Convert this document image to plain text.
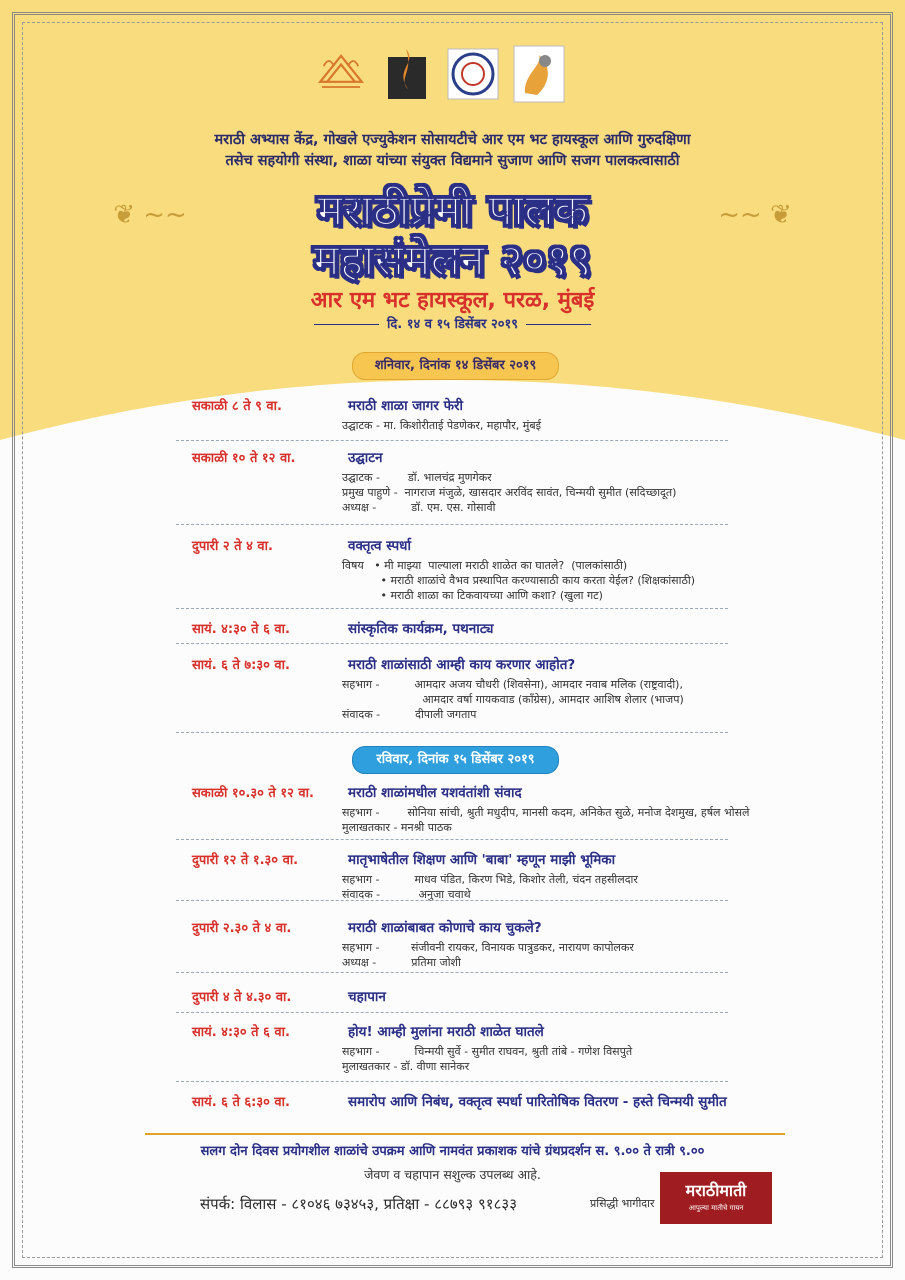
मराठी अभ्यास केंद्र, गोखले एज्युकेशन सोसायटीचे आर एम भट हायस्कूल आणि गुरुदक्षिणा
तसेच सहयोगी संस्था, शाळा यांच्या संयुक्त विद्यमाने सुजाण आणि सजग पालकत्वासाठी
❦ ~~	~~ ❦
मराठीप्रेमी पालक
महासंमेलन २०१९
आर एम भट हायस्कूल, परळ, मुंबई
दि. १४ व १५ डिसेंबर २०१९
शनिवार, दिनांक १४ डिसेंबर २०१९
रविवार, दिनांक १५ डिसेंबर २०१९
सकाळी ८ ते ९ वा.	मराठी शाळा जागर फेरी
उद्घाटक - मा. किशोरीताई पेडणेकर, महापौर, मुंबई
सकाळी १० ते १२ वा.	उद्घाटन
उद्घाटक -        डॉ. भालचंद्र मुणगेकर
प्रमुख पाहुणे -  नागराज मंजुळे, खासदार अरविंद सावंत, चिन्मयी सुमीत (सदिच्छादूत)
अध्यक्ष -          डॉ. एम. एस. गोसावी
दुपारी २ ते ४ वा.	वक्तृत्व स्पर्धा
विषय   • मी माझ्या  पाल्याला मराठी शाळेत का घातले?  (पालकांसाठी)
• मराठी शाळांचे वैभव प्रस्थापित करण्यासाठी काय करता येईल? (शिक्षकांसाठी)
• मराठी शाळा का टिकवायच्या आणि कशा? (खुला गट)
सायं. ४:३० ते ६ वा.	सांस्कृतिक कार्यक्रम, पथनाट्य
सायं. ६ ते ७:३० वा.	मराठी शाळांसाठी आम्ही काय करणार आहोत?
सहभाग -          आमदार अजय चौधरी (शिवसेना), आमदार नवाब मलिक (राष्ट्रवादी),
आमदार वर्षा गायकवाड (कॉंग्रेस), आमदार आशिष शेलार (भाजप)
संवादक -          दीपाली जगताप
सकाळी १०.३० ते १२ वा.	मराठी शाळांमधील यशवंतांशी संवाद
सहभाग -        सोनिया सांची, श्रुती मधुदीप, मानसी कदम, अनिकेत सुळे, मनोज देशमुख, हर्षल भोसले
मुलाखतकार - मनश्री पाठक
दुपारी १२ ते १.३० वा.	मातृभाषेतील शिक्षण आणि 'बाबा' म्हणून माझी भूमिका
सहभाग -          माधव पंडित, किरण भिडे, किशोर तेली, चंदन तहसीलदार
संवादक -           अनुजा चवाथे
दुपारी २.३० ते ४ वा.	मराठी शाळांबाबत कोणाचे काय चुकले?
सहभाग -         संजीवनी रायकर, विनायक पात्रुडकर, नारायण कापोलकर
अध्यक्ष -          प्रतिमा जोशी
दुपारी ४ ते ४.३० वा.	चहापान
सायं. ४:३० ते ६ वा.	होय! आम्ही मुलांना मराठी शाळेत घातले
सहभाग -          चिन्मयी सुर्वे - सुमीत राघवन, श्रुती तांबे - गणेश विसपुते
मुलाखतकार - डॉ. वीणा सानेकर
सायं. ६ ते ६:३० वा.	समारोप आणि निबंध, वक्तृत्व स्पर्धा पारितोषिक वितरण - हस्ते चिन्मयी सुमीत
सलग दोन दिवस प्रयोगशील शाळांचे उपक्रम आणि नामवंत प्रकाशक यांचे ग्रंथप्रदर्शन स. ९.०० ते रात्री ९.००
जेवण व चहापान सशुल्क उपलब्ध आहे.
संपर्क: विलास - ८१०४६ ७३४५३, प्रतिक्षा - ८८७९३ ९१८३३	प्रसिद्धी भागीदार
मराठीमाती
आपुल्या मातीचे गायन
